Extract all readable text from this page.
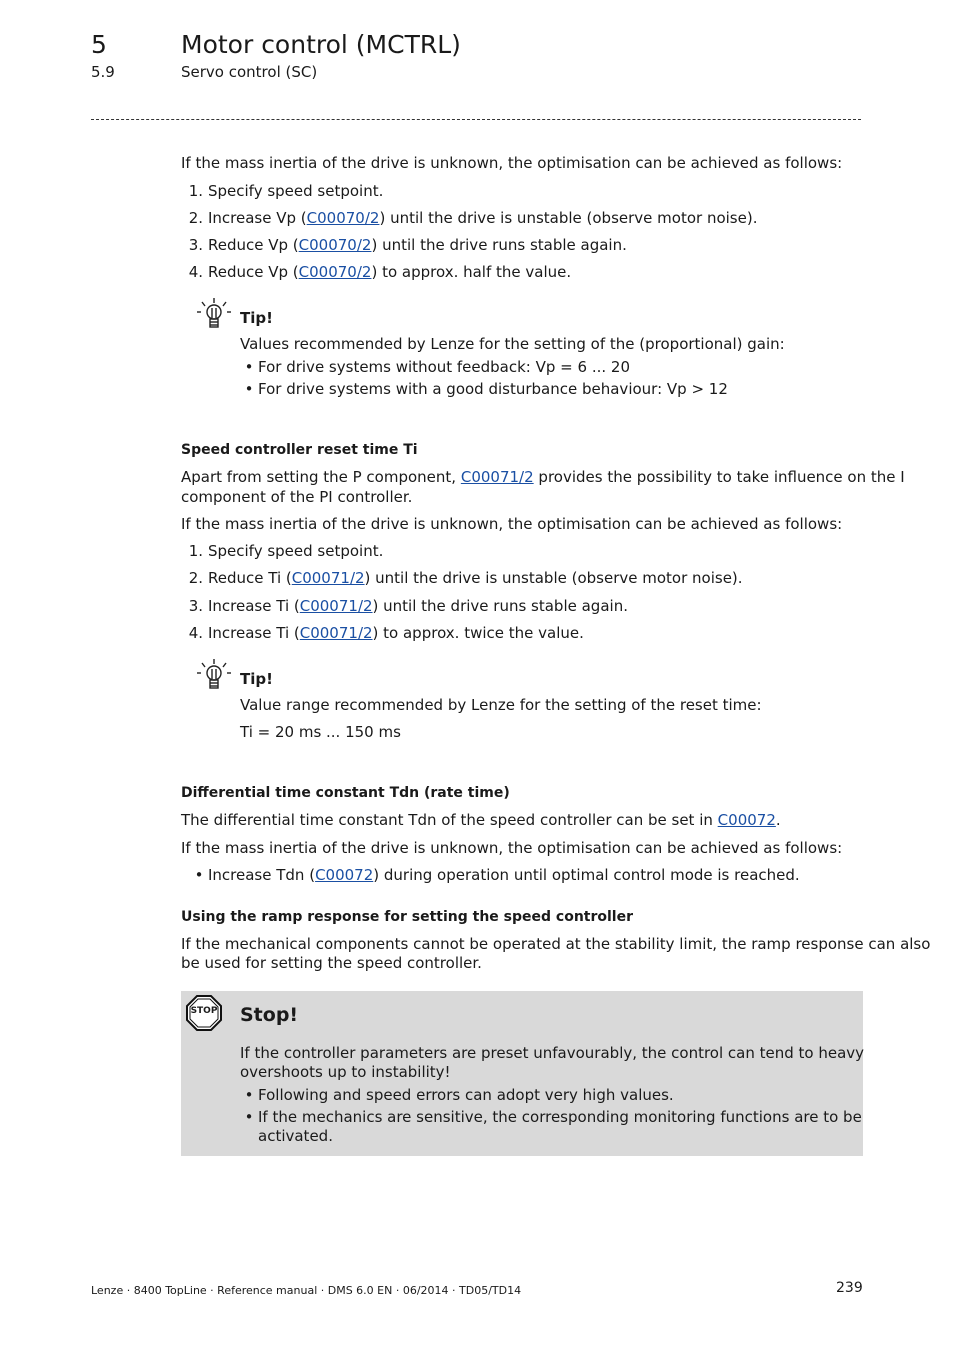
5	Motor control (MCTRL)
5.9	Servo control (SC)
If the mass inertia of the drive is unknown, the optimisation can be achieved as follows:
1. Specify speed setpoint.
2. Increase Vp (C00070/2) until the drive is unstable (observe motor noise).
3. Reduce Vp (C00070/2) until the drive runs stable again.
4. Reduce Vp (C00070/2) to approx. half the value.
Tip!
Values recommended by Lenze for the setting of the (proportional) gain:
• For drive systems without feedback: Vp = 6 ... 20
• For drive systems with a good disturbance behaviour: Vp > 12
Speed controller reset time Ti
Apart from setting the P component, C00071/2 provides the possibility to take influence on the I
component of the PI controller.
If the mass inertia of the drive is unknown, the optimisation can be achieved as follows:
1. Specify speed setpoint.
2. Reduce Ti (C00071/2) until the drive is unstable (observe motor noise).
3. Increase Ti (C00071/2) until the drive runs stable again.
4. Increase Ti (C00071/2) to approx. twice the value.
Tip!
Value range recommended by Lenze for the setting of the reset time:
Ti = 20 ms ... 150 ms
Differential time constant Tdn (rate time)
The differential time constant Tdn of the speed controller can be set in C00072.
If the mass inertia of the drive is unknown, the optimisation can be achieved as follows:
• Increase Tdn (C00072) during operation until optimal control mode is reached.
Using the ramp response for setting the speed controller
If the mechanical components cannot be operated at the stability limit, the ramp response can also
be used for setting the speed controller.
STOP Stop!
If the controller parameters are preset unfavourably, the control can tend to heavy
overshoots up to instability!
• Following and speed errors can adopt very high values.
• If the mechanics are sensitive, the corresponding monitoring functions are to be
activated.
Lenze · 8400 TopLine · Reference manual · DMS 6.0 EN · 06/2014 · TD05/TD14	239
